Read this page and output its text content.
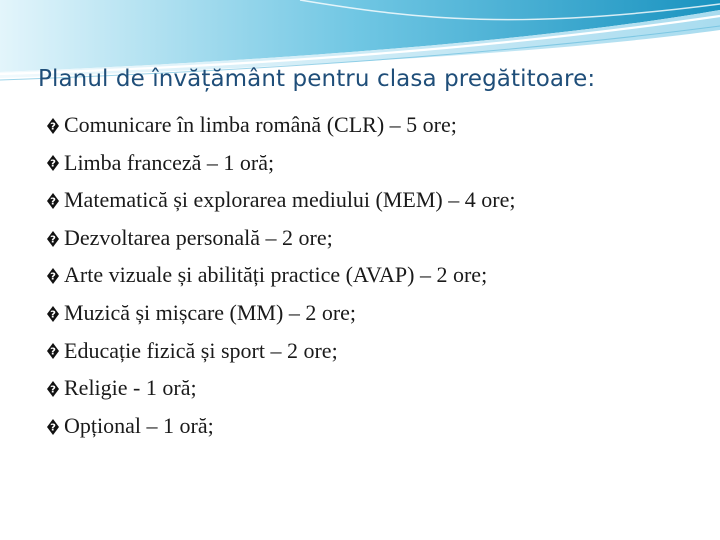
Planul de învățământ pentru clasa pregătitoare:
? Comunicare în limba română (CLR) – 5 ore;
? Limba franceză – 1 oră;
? Matematică și explorarea mediului (MEM) – 4 ore;
? Dezvoltarea personală – 2 ore;
? Arte vizuale și abilități practice (AVAP) – 2 ore;
? Muzică și mișcare (MM) – 2 ore;
? Educație fizică și sport – 2 ore;
? Religie - 1 oră;
? Opțional – 1 oră;
